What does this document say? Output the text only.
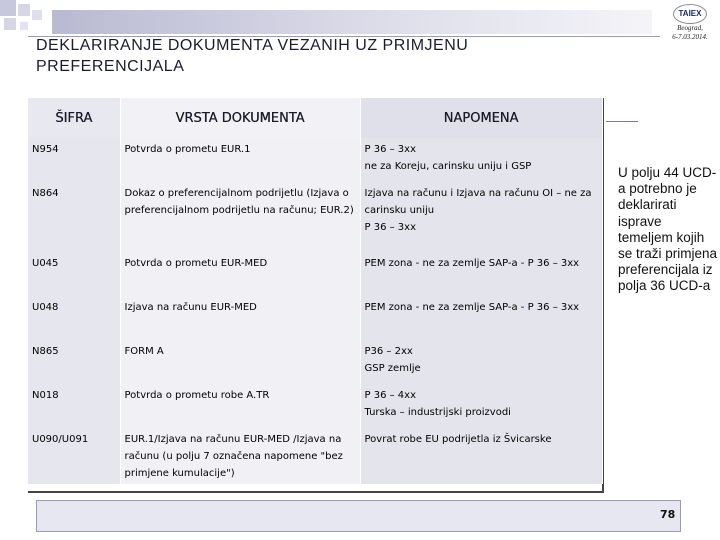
DEKLARIRANJE DOKUMENTA VEZANIH UZ PRIMJENU PREFERENCIJALA
TAIEX
Beograd,
6-7.03.2014.
ŠIFRA	VRSTA DOKUMENTA	NAPOMENA
N954	Potvrda o prometu EUR.1	P 36 – 3xx
ne za Koreju, carinsku uniju i GSP
N864	Dokaz o preferencijalnom podrijetlu (Izjava o preferencijalnom podrijetlu na računu; EUR.2)	Izjava na računu i Izjava na računu OI – ne za carinsku uniju
P 36 – 3xx
U045	Potvrda o prometu EUR-MED	PEM zona - ne za zemlje SAP-a - P 36 – 3xx
U048	Izjava na računu EUR-MED	PEM zona - ne za zemlje SAP-a - P 36 – 3xx
N865	FORM A	P36 – 2xx
GSP zemlje
N018	Potvrda o prometu robe A.TR	P 36 – 4xx
Turska – industrijski proizvodi
U090/U091	EUR.1/Izjava na računu EUR-MED /Izjava na računu (u polju 7 označena napomene "bez primjene kumulacije")	Povrat robe EU podrijetla iz Švicarske
U polju 44 UCD-a potrebno je deklarirati isprave temeljem kojih se traži primjena preferencijala iz polja 36 UCD-a
78
